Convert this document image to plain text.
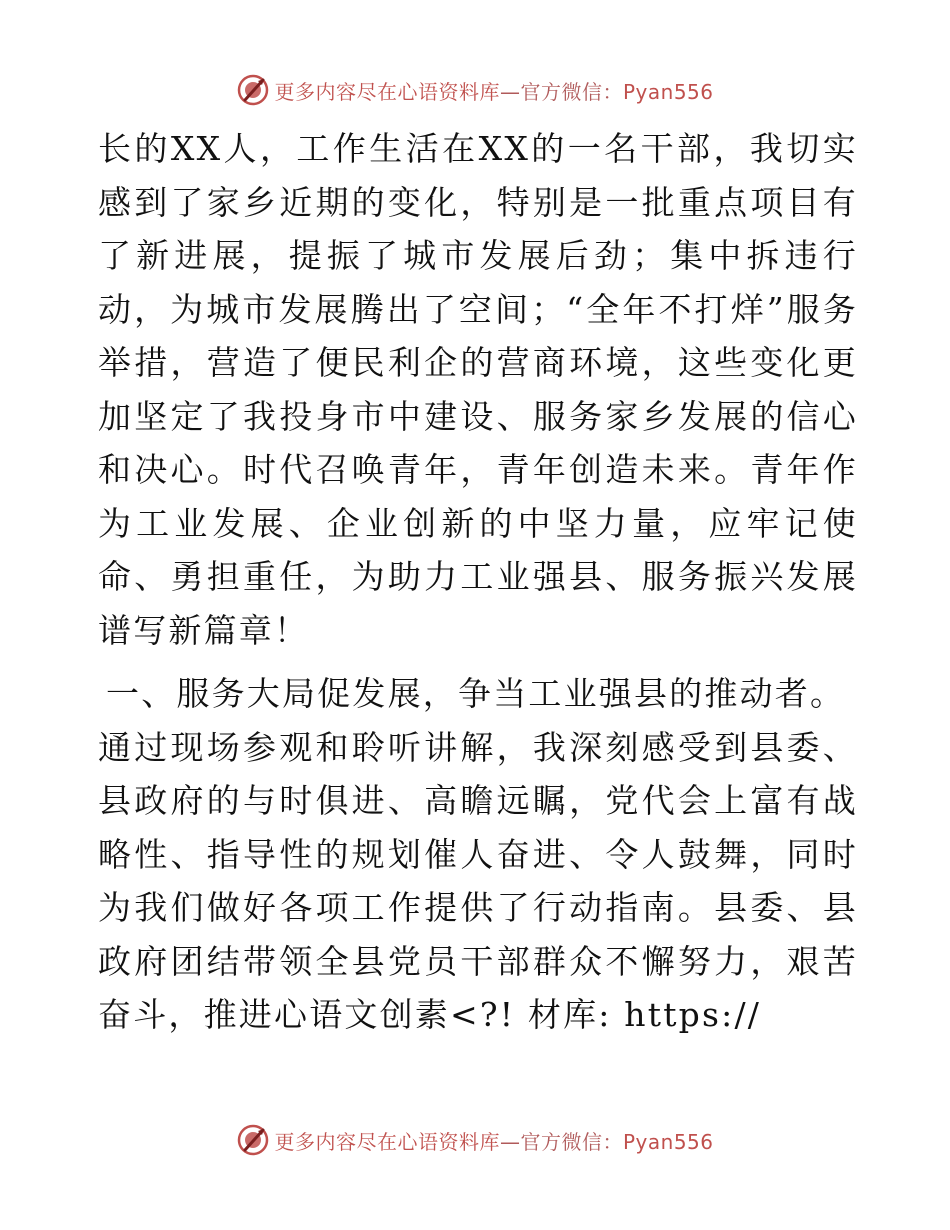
更多内容尽在心语资料库—官方微信：Pyan556

长的XX人，工作生活在XX的一名干部，我切实感到了家乡近期的变化，特别是一批重点项目有了新进展，提振了城市发展后劲；集中拆违行动，为城市发展腾出了空间；“全年不打烊”服务举措，营造了便民利企的营商环境，这些变化更加坚定了我投身市中建设、服务家乡发展的信心和决心。时代召唤青年，青年创造未来。青年作为工业发展、企业创新的中坚力量，应牢记使命、勇担重任，为助力工业强县、服务振兴发展谱写新篇章！

一、服务大局促发展，争当工业强县的推动者。

通过现场参观和聆听讲解，我深刻感受到县委、县政府的与时俱进、高瞻远瞩，党代会上富有战略性、指导性的规划催人奋进、令人鼓舞，同时为我们做好各项工作提供了行动指南。县委、县政府团结带领全县党员干部群众不懈努力，艰苦奋斗，推进心语文创素<?! 材库: https://

更多内容尽在心语资料库—官方微信：Pyan556
